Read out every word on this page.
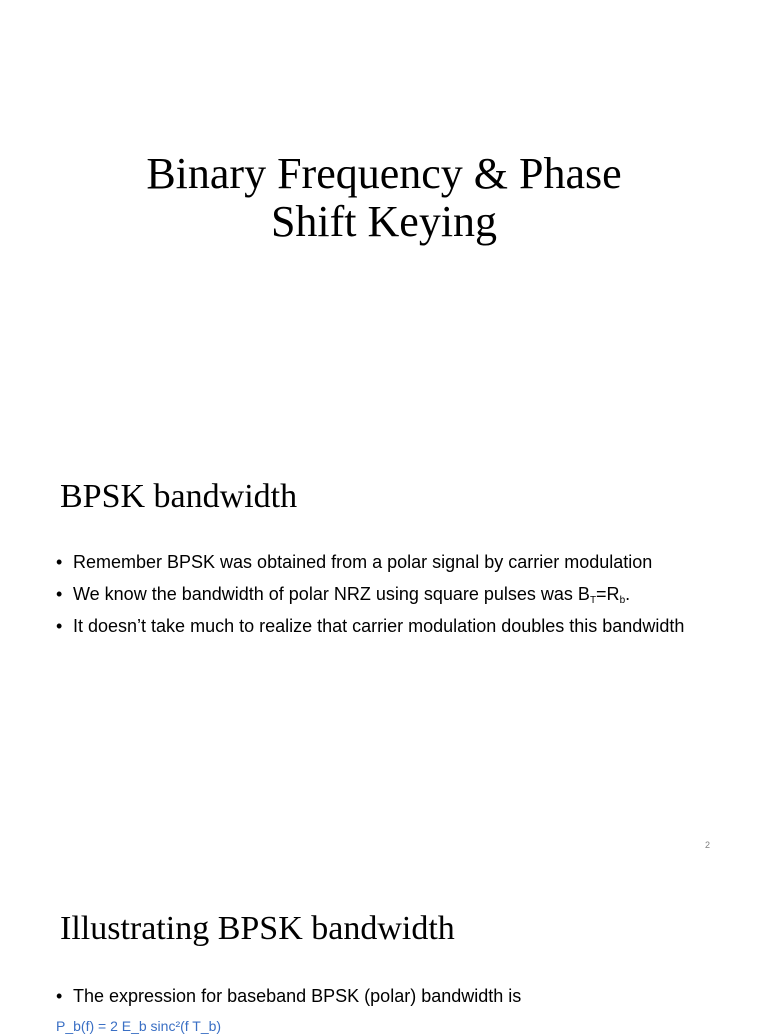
Binary Frequency & Phase
Shift Keying
BPSK bandwidth
• Remember BPSK was obtained from a polar signal by carrier modulation
• We know the bandwidth of polar NRZ using square pulses was $B_T=R_b$.
• It doesn’t take much to realize that carrier modulation doubles this bandwidth
2
Illustrating BPSK bandwidth
• The expression for baseband BPSK (polar) bandwidth is
P_b(f) = 2 E_b sinc²(f T_b)
